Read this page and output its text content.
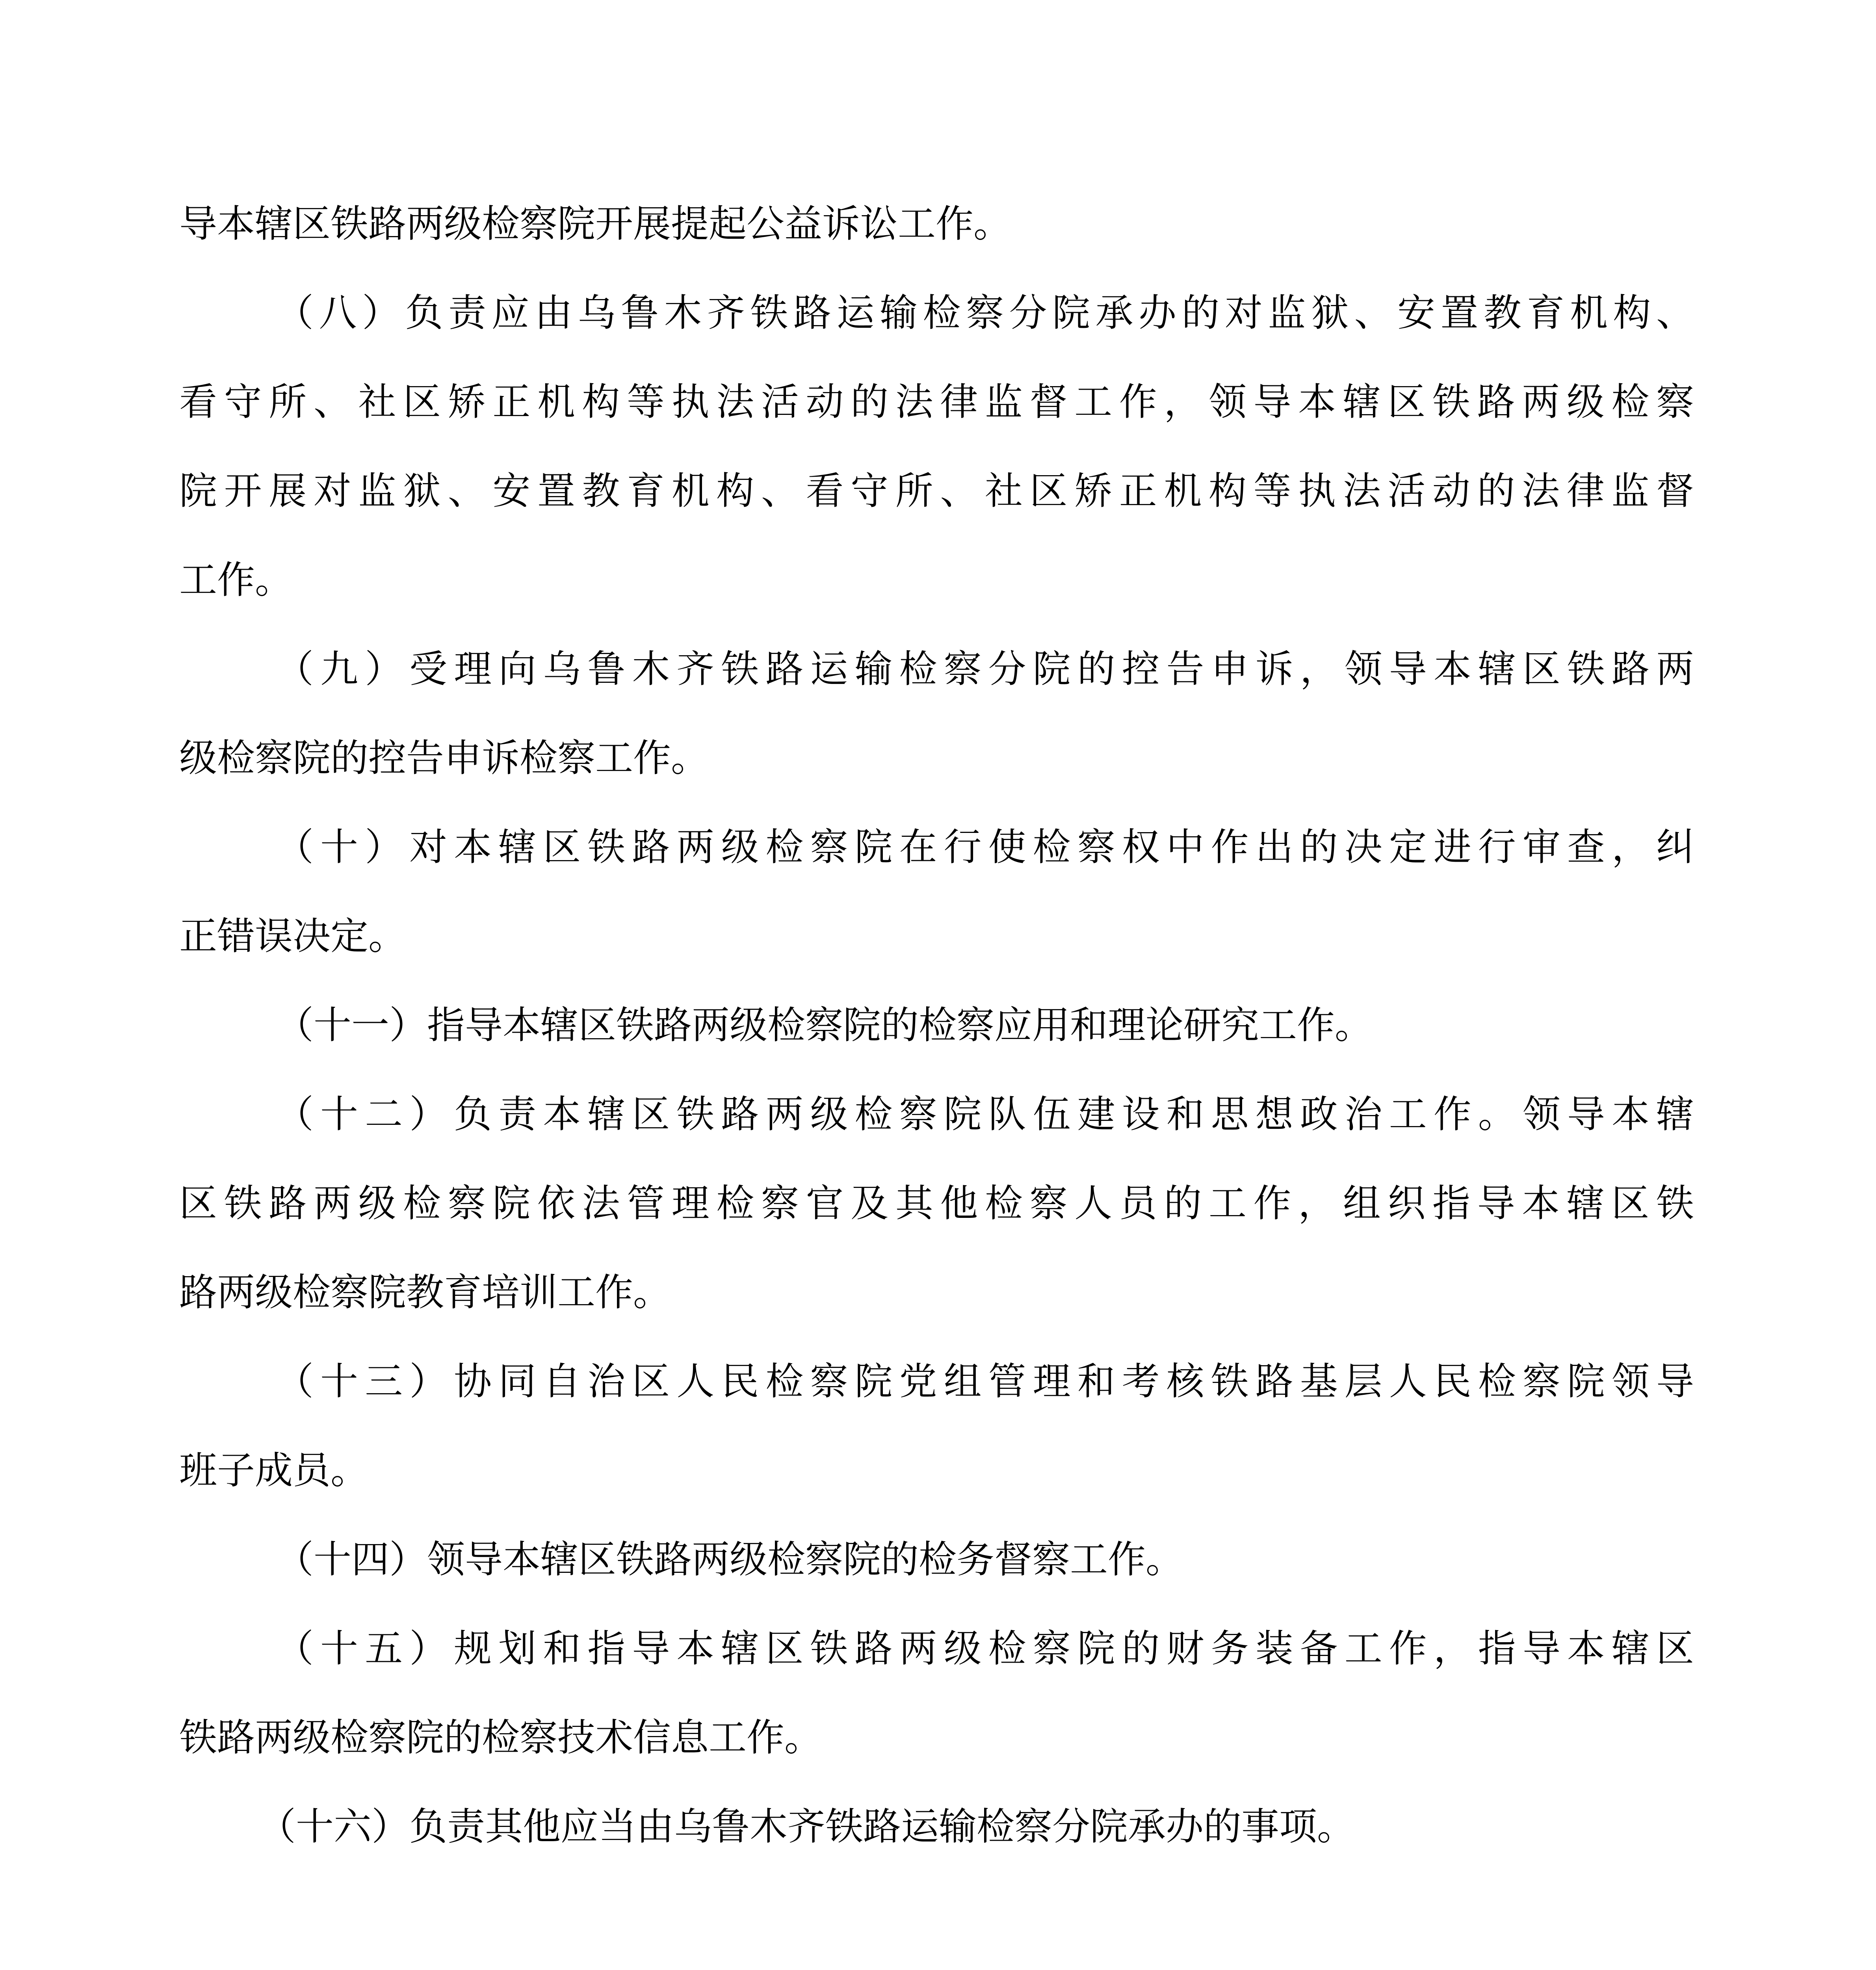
导本辖区铁路两级检察院开展提起公益诉讼工作。
（八）负责应由乌鲁木齐铁路运输检察分院承办的对监狱、安置教育机构、
看守所、社区矫正机构等执法活动的法律监督工作，领导本辖区铁路两级检察
院开展对监狱、安置教育机构、看守所、社区矫正机构等执法活动的法律监督
工作。
（九）受理向乌鲁木齐铁路运输检察分院的控告申诉，领导本辖区铁路两
级检察院的控告申诉检察工作。
（十）对本辖区铁路两级检察院在行使检察权中作出的决定进行审查，纠
正错误决定。
（十一）指导本辖区铁路两级检察院的检察应用和理论研究工作。
（十二）负责本辖区铁路两级检察院队伍建设和思想政治工作。领导本辖
区铁路两级检察院依法管理检察官及其他检察人员的工作，组织指导本辖区铁
路两级检察院教育培训工作。
（十三）协同自治区人民检察院党组管理和考核铁路基层人民检察院领导
班子成员。
（十四）领导本辖区铁路两级检察院的检务督察工作。
（十五）规划和指导本辖区铁路两级检察院的财务装备工作，指导本辖区
铁路两级检察院的检察技术信息工作。
（十六）负责其他应当由乌鲁木齐铁路运输检察分院承办的事项。
